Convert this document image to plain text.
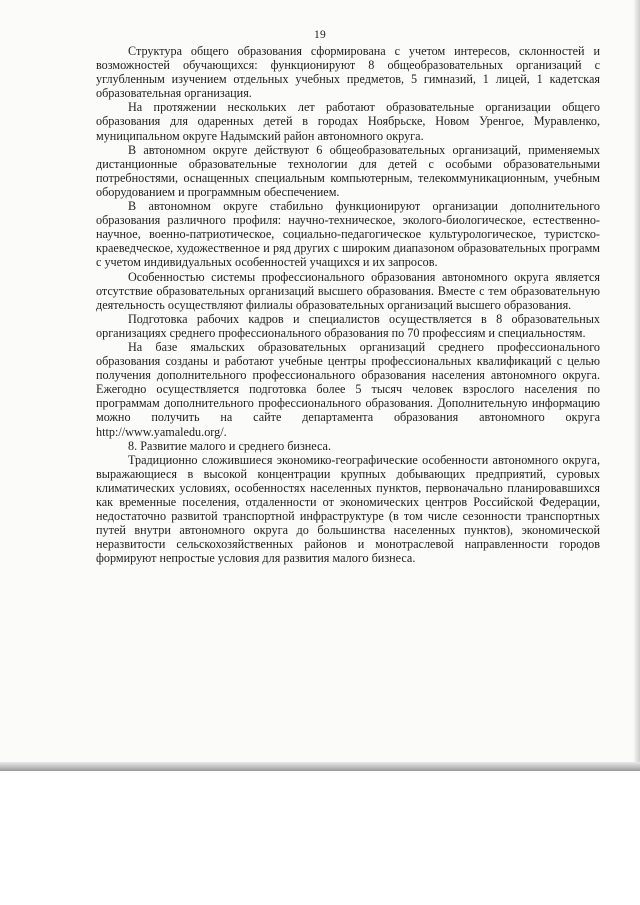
19

Структура общего образования сформирована с учетом интересов, склонностей и возможностей обучающихся: функционируют 8 общеобразовательных организаций с углубленным изучением отдельных учебных предметов, 5 гимназий, 1 лицей, 1 кадетская образовательная организация.

На протяжении нескольких лет работают образовательные организации общего образования для одаренных детей в городах Ноябрьске, Новом Уренгое, Муравленко, муниципальном округе Надымский район автономного округа.

В автономном округе действуют 6 общеобразовательных организаций, применяемых дистанционные образовательные технологии для детей с особыми образовательными потребностями, оснащенных специальным компьютерным, телекоммуникационным, учебным оборудованием и программным обеспечением.

В автономном округе стабильно функционируют организации дополнительного образования различного профиля: научно-техническое, эколого-биологическое, естественно-научное, военно-патриотическое, социально-педагогическое культурологическое, туристско-краеведческое, художественное и ряд других с широким диапазоном образовательных программ с учетом индивидуальных особенностей учащихся и их запросов.

Особенностью системы профессионального образования автономного округа является отсутствие образовательных организаций высшего образования. Вместе с тем образовательную деятельность осуществляют филиалы образовательных организаций высшего образования.

Подготовка рабочих кадров и специалистов осуществляется в 8 образовательных организациях среднего профессионального образования по 70 профессиям и специальностям.

На базе ямальских образовательных организаций среднего профессионального образования созданы и работают учебные центры профессиональных квалификаций с целью получения дополнительного профессионального образования населения автономного округа. Ежегодно осуществляется подготовка более 5 тысяч человек взрослого населения по программам дополнительного профессионального образования. Дополнительную информацию можно получить на сайте департамента образования автономного округа http://www.yamaledu.org/.

8. Развитие малого и среднего бизнеса.

Традиционно сложившиеся экономико-географические особенности автономного округа, выражающиеся в высокой концентрации крупных добывающих предприятий, суровых климатических условиях, особенностях населенных пунктов, первоначально планировавшихся как временные поселения, отдаленности от экономических центров Российской Федерации, недостаточно развитой транспортной инфраструктуре (в том числе сезонности транспортных путей внутри автономного округа до большинства населенных пунктов), экономической неразвитости сельскохозяйственных районов и монотраслевой направленности городов формируют непростые условия для развития малого бизнеса.
